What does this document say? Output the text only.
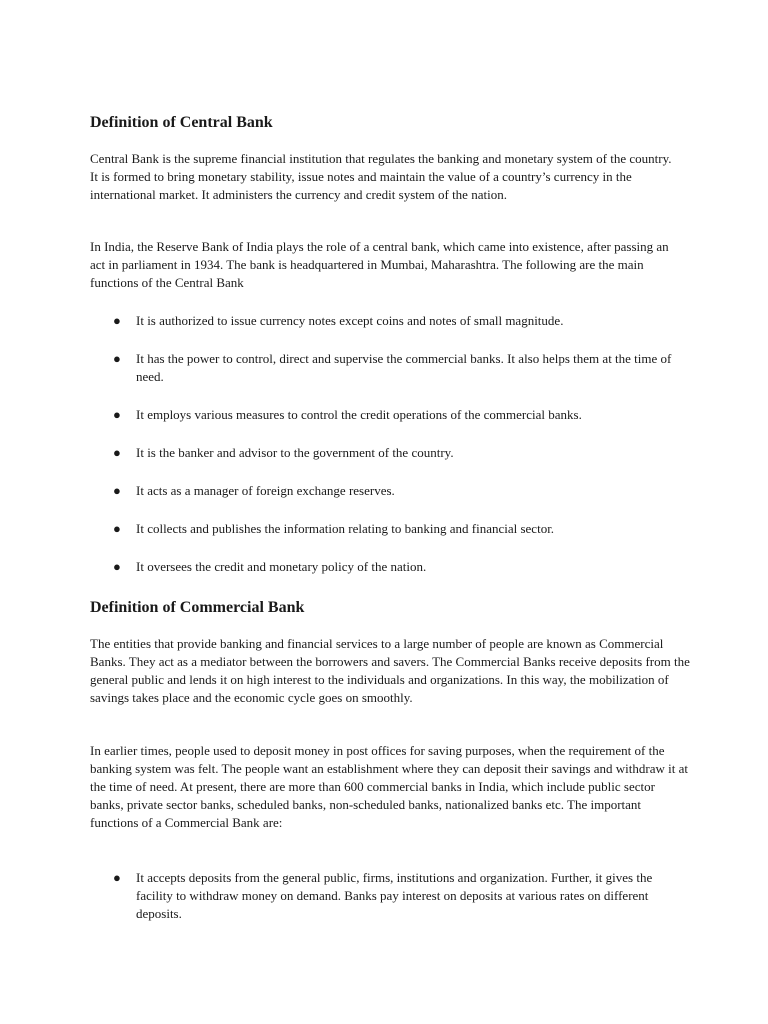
Definition of Central Bank

Central Bank is the supreme financial institution that regulates the banking and monetary system of the country. It is formed to bring monetary stability, issue notes and maintain the value of a country’s currency in the international market. It administers the currency and credit system of the nation.

In India, the Reserve Bank of India plays the role of a central bank, which came into existence, after passing an act in parliament in 1934. The bank is headquartered in Mumbai, Maharashtra. The following are the main functions of the Central Bank

● It is authorized to issue currency notes except coins and notes of small magnitude.
● It has the power to control, direct and supervise the commercial banks. It also helps them at the time of need.
● It employs various measures to control the credit operations of the commercial banks.
● It is the banker and advisor to the government of the country.
● It acts as a manager of foreign exchange reserves.
● It collects and publishes the information relating to banking and financial sector.
● It oversees the credit and monetary policy of the nation.
Definition of Commercial Bank

The entities that provide banking and financial services to a large number of people are known as Commercial Banks. They act as a mediator between the borrowers and savers. The Commercial Banks receive deposits from the general public and lends it on high interest to the individuals and organizations. In this way, the mobilization of savings takes place and the economic cycle goes on smoothly.

In earlier times, people used to deposit money in post offices for saving purposes, when the requirement of the banking system was felt. The people want an establishment where they can deposit their savings and withdraw it at the time of need. At present, there are more than 600 commercial banks in India, which include public sector banks, private sector banks, scheduled banks, non-scheduled banks, nationalized banks etc. The important functions of a Commercial Bank are:

● It accepts deposits from the general public, firms, institutions and organization. Further, it gives the facility to withdraw money on demand. Banks pay interest on deposits at various rates on different deposits.
